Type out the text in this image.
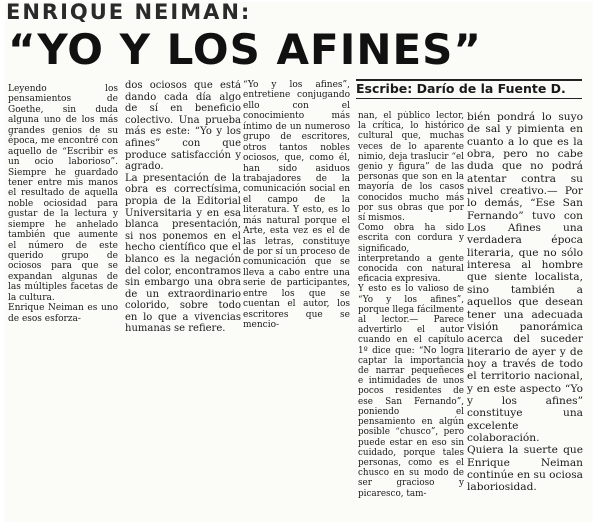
ENRIQUE NEIMAN:
“YO Y LOS AFINES”
Escribe: Darío de la Fuente D.

Leyendo los pensamientos de Goethe, sin duda alguna uno de los más grandes genios de su época, me encontré con aquello de “Escribir es un ocio laborioso”. Siempre he guardado tener entre mis manos el resultado de aquella noble ociosidad para gustar de la lectura y siempre he anhelado también que aumente el número de este querido grupo de ociosos para que se expandan algunas de las múltiples facetas de la cultura.

Enrique Neiman es uno de esos esforza-

dos ociosos que está dando cada día algo de sí en beneficio colectivo. Una prueba más es este: “Yo y los afines” con que produce satisfacción y agrado.

La presentación de la obra es correctísima, propia de la Editorial Universitaria y en esa blanca presentación, si nos ponemos en el hecho científico que el blanco es la negación del color, encontramos sin embargo una obra de un extraordinario colorido, sobre todo en lo que a vivencias humanas se refiere.

“Yo y los afines”, entretiene conjugando ello con el conocimiento más íntimo de un numeroso grupo de escritores, otros tantos nobles ociosos, que, como él, han sido asiduos trabajadores de la comunicación social en el campo de la literatura. Y esto, es lo más natural porque el Arte, esta vez es el de las letras, constituye de por sí un proceso de comunicación que se lleva a cabo entre una serie de participantes, entre los que se cuentan el autor, los escritores que se mencio-

nan, el público lector, la crítica, lo histórico cultural que, muchas veces de lo aparente nimio, deja traslucir “el genio y figura” de las personas que son en la mayoría de los casos conocidos mucho más por sus obras que por sí mismos.

Como obra ha sido escrita con cordura y significado, interpretando a gente conocida con natural eficacia expresiva.

Y esto es lo valioso de “Yo y los afines”, porque llega fácilmente al lector.— Parece advertirlo el autor cuando en el capítulo 1º dice que: “No logra captar la importancia de narrar pequeñeces e intimidades de unos pocos residentes de ese San Fernando”, poniendo el pensamiento en algún posible “chusco”, pero puede estar en eso sin cuidado, porque tales personas, como es el chusco en su modo de ser gracioso y picaresco, tam-

bién pondrá lo suyo de sal y pimienta en cuanto a lo que es la obra, pero no cabe duda que no podrá atentar contra su nivel creativo.— Por lo demás, “Ese San Fernando” tuvo con Los Afines una verdadera época literaria, que no sólo interesa al hombre que siente localista, sino también a aquellos que desean tener una adecuada visión panorámica acerca del suceder literario de ayer y de hoy a través de todo el territorio nacional, y en este aspecto “Yo y los afines” constituye una excelente colaboración.

Quiera la suerte que Enrique Neiman continúe en su ociosa laboriosidad.
